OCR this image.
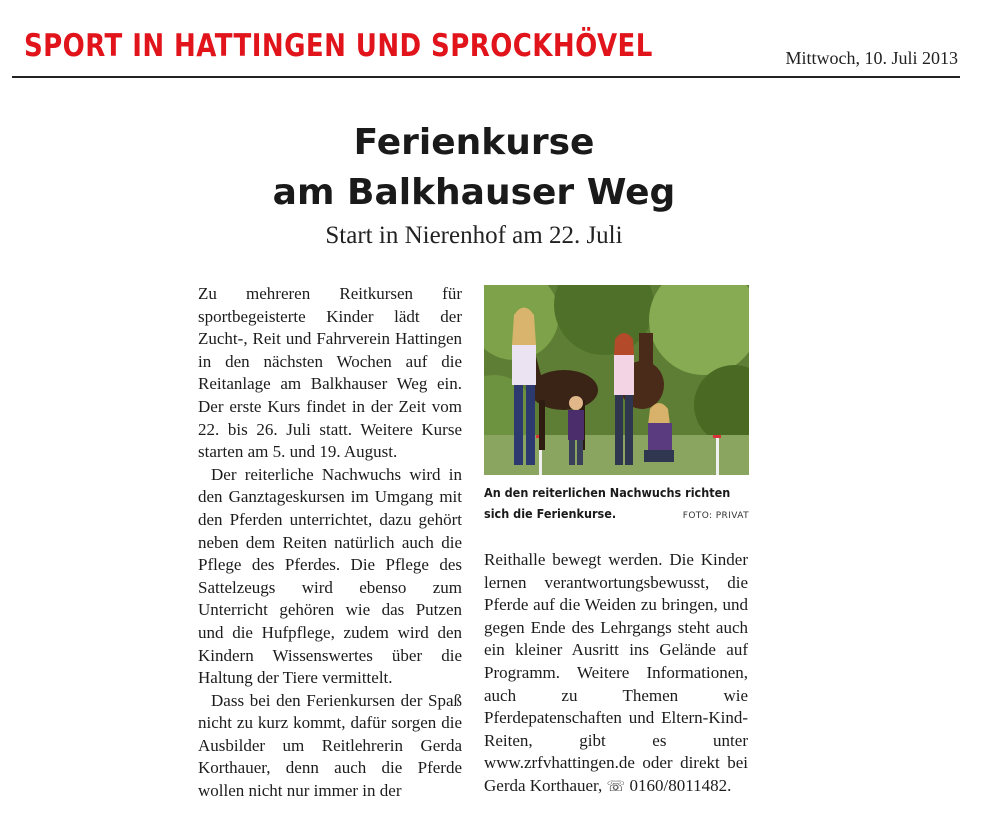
SPORT IN HATTINGEN UND SPROCKHÖVEL	Mittwoch, 10. Juli 2013
Ferienkurse
am Balkhauser Weg
Start in Nierenhof am 22. Juli

Zu mehreren Reitkursen für sportbegeisterte Kinder lädt der Zucht-, Reit und Fahrverein Hattingen in den nächsten Wochen auf die Reitanlage am Balkhauser Weg ein. Der erste Kurs findet in der Zeit vom 22. bis 26. Juli statt. Weitere Kurse starten am 5. und 19. August.

Der reiterliche Nachwuchs wird in den Ganztageskursen im Umgang mit den Pferden unterrichtet, dazu gehört neben dem Reiten natürlich auch die Pflege des Pferdes. Die Pflege des Sattelzeugs wird ebenso zum Unterricht gehören wie das Putzen und die Hufpflege, zudem wird den Kindern Wissenswertes über die Haltung der Tiere vermittelt.

Dass bei den Ferienkursen der Spaß nicht zu kurz kommt, dafür sorgen die Ausbilder um Reitlehrerin Gerda Korthauer, denn auch die Pferde wollen nicht nur immer in der

An den reiterlichen Nachwuchs richten
sich die Ferienkurse.	FOTO: PRIVAT

Reithalle bewegt werden. Die Kinder lernen verantwortungsbewusst, die Pferde auf die Weiden zu bringen, und gegen Ende des Lehrgangs steht auch ein kleiner Ausritt ins Gelände auf Programm. Weitere Informationen, auch zu Themen wie Pferdepatenschaften und Eltern-Kind-Reiten, gibt es unter www.zrfvhattingen.de oder direkt bei Gerda Korthauer, ☏ 0160/8011482.
